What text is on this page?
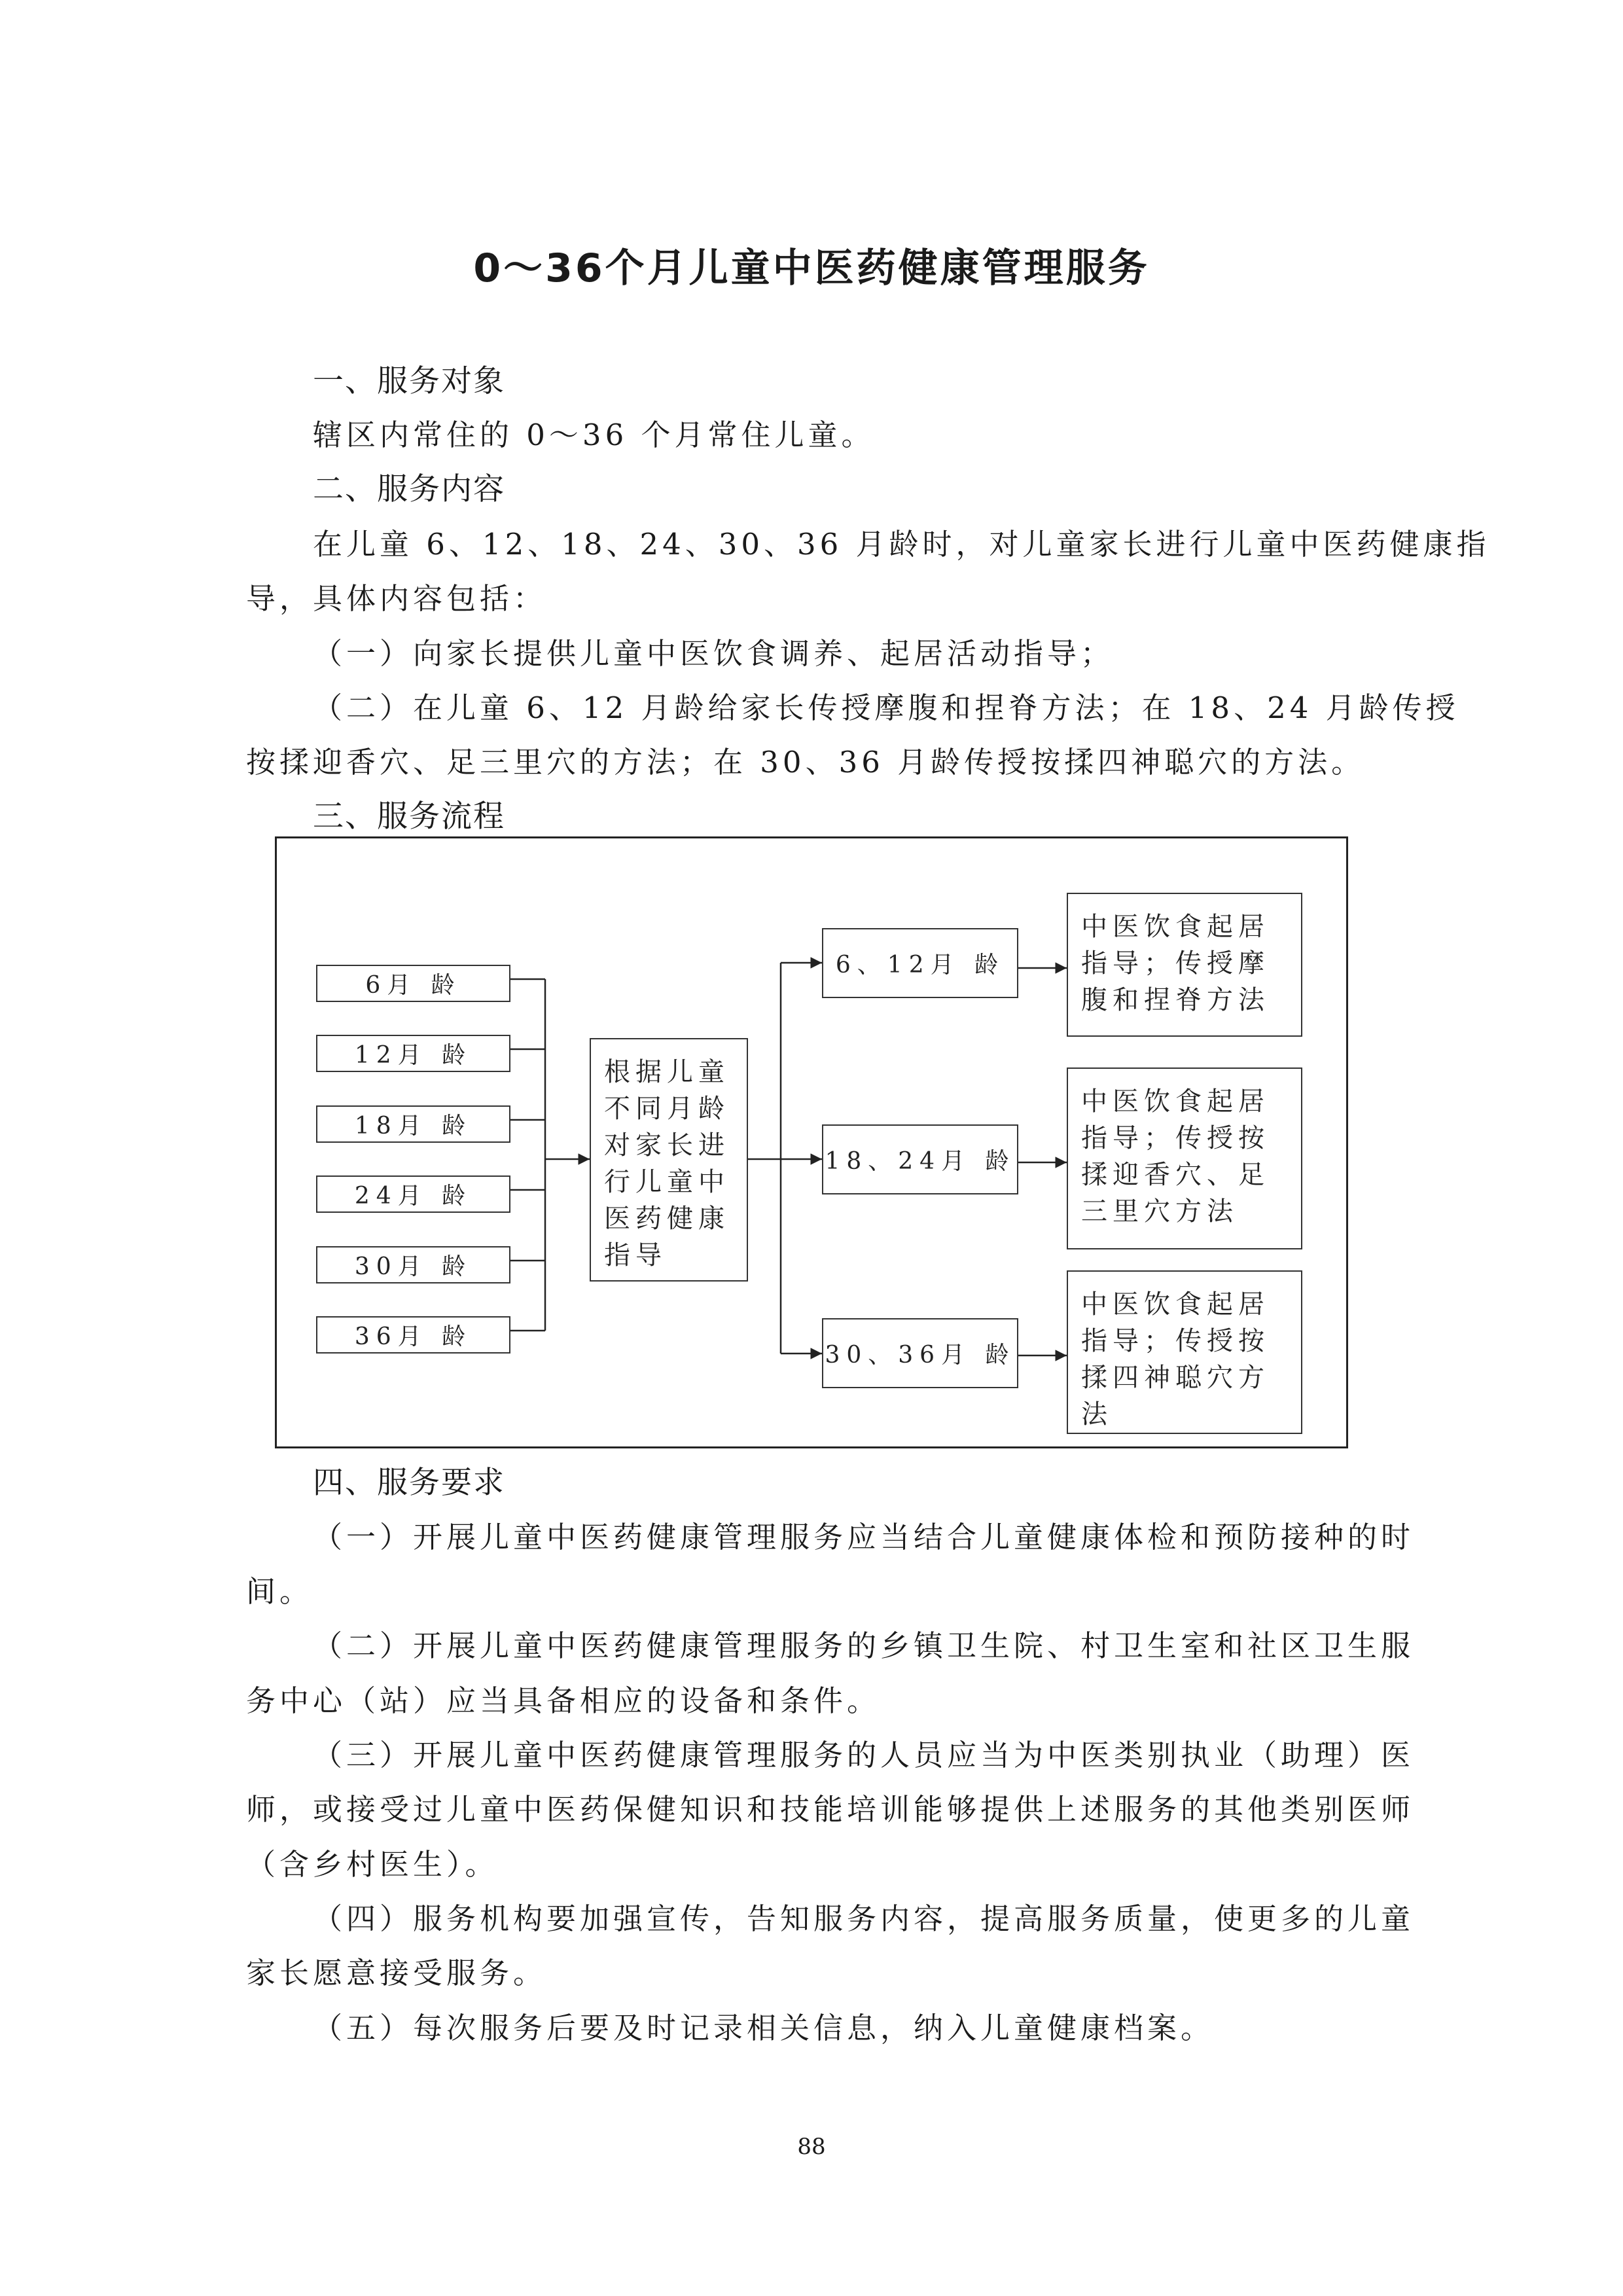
0～36个月儿童中医药健康管理服务
一、服务对象
辖区内常住的 0～36 个月常住儿童。
二、服务内容
在儿童 6、12、18、24、30、36 月龄时，对儿童家长进行儿童中医药健康指
导，具体内容包括：
（一）向家长提供儿童中医饮食调养、起居活动指导；
（二）在儿童 6、12 月龄给家长传授摩腹和捏脊方法；在 18、24 月龄传授
按揉迎香穴、足三里穴的方法；在 30、36 月龄传授按揉四神聪穴的方法。
三、服务流程
6月 龄
12月 龄
18月 龄
24月 龄
30月 龄
36月 龄
根据儿童
不同月龄
对家长进
行儿童中
医药健康
指导
6、12月 龄
18、24月 龄
30、36月 龄
中医饮食起居
指导；传授摩
腹和捏脊方法
中医饮食起居
指导；传授按
揉迎香穴、足
三里穴方法
中医饮食起居
指导；传授按
揉四神聪穴方
法
四、服务要求
（一）开展儿童中医药健康管理服务应当结合儿童健康体检和预防接种的时
间。
（二）开展儿童中医药健康管理服务的乡镇卫生院、村卫生室和社区卫生服
务中心（站）应当具备相应的设备和条件。
（三）开展儿童中医药健康管理服务的人员应当为中医类别执业（助理）医
师，或接受过儿童中医药保健知识和技能培训能够提供上述服务的其他类别医师
（含乡村医生）。
（四）服务机构要加强宣传，告知服务内容，提高服务质量，使更多的儿童
家长愿意接受服务。
（五）每次服务后要及时记录相关信息，纳入儿童健康档案。
88
